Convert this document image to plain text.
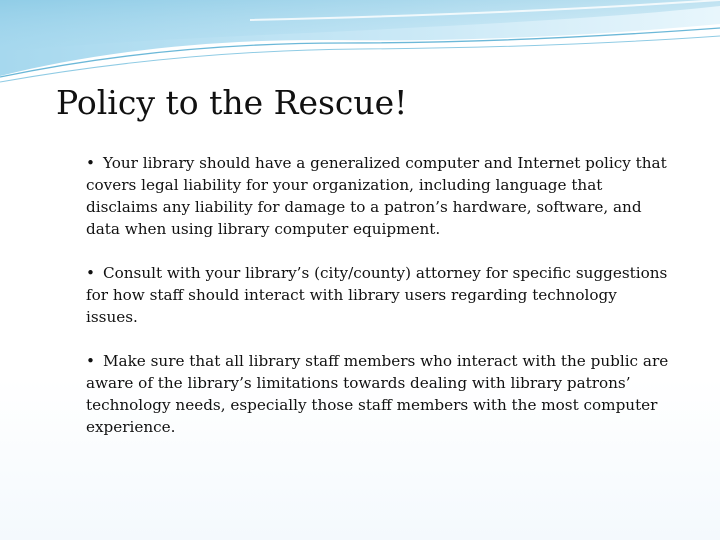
Policy to the Rescue!
• Your library should have a generalized computer and Internet policy that covers legal liability for your organization, including language that disclaims any liability for damage to a patron’s hardware, software, and data when using library computer equipment.
• Consult with your library’s (city/county) attorney for specific suggestions for how staff should interact with library users regarding technology issues.
• Make sure that all library staff members who interact with the public are aware of the library’s limitations towards dealing with library patrons’ technology needs, especially those staff members with the most computer experience.
